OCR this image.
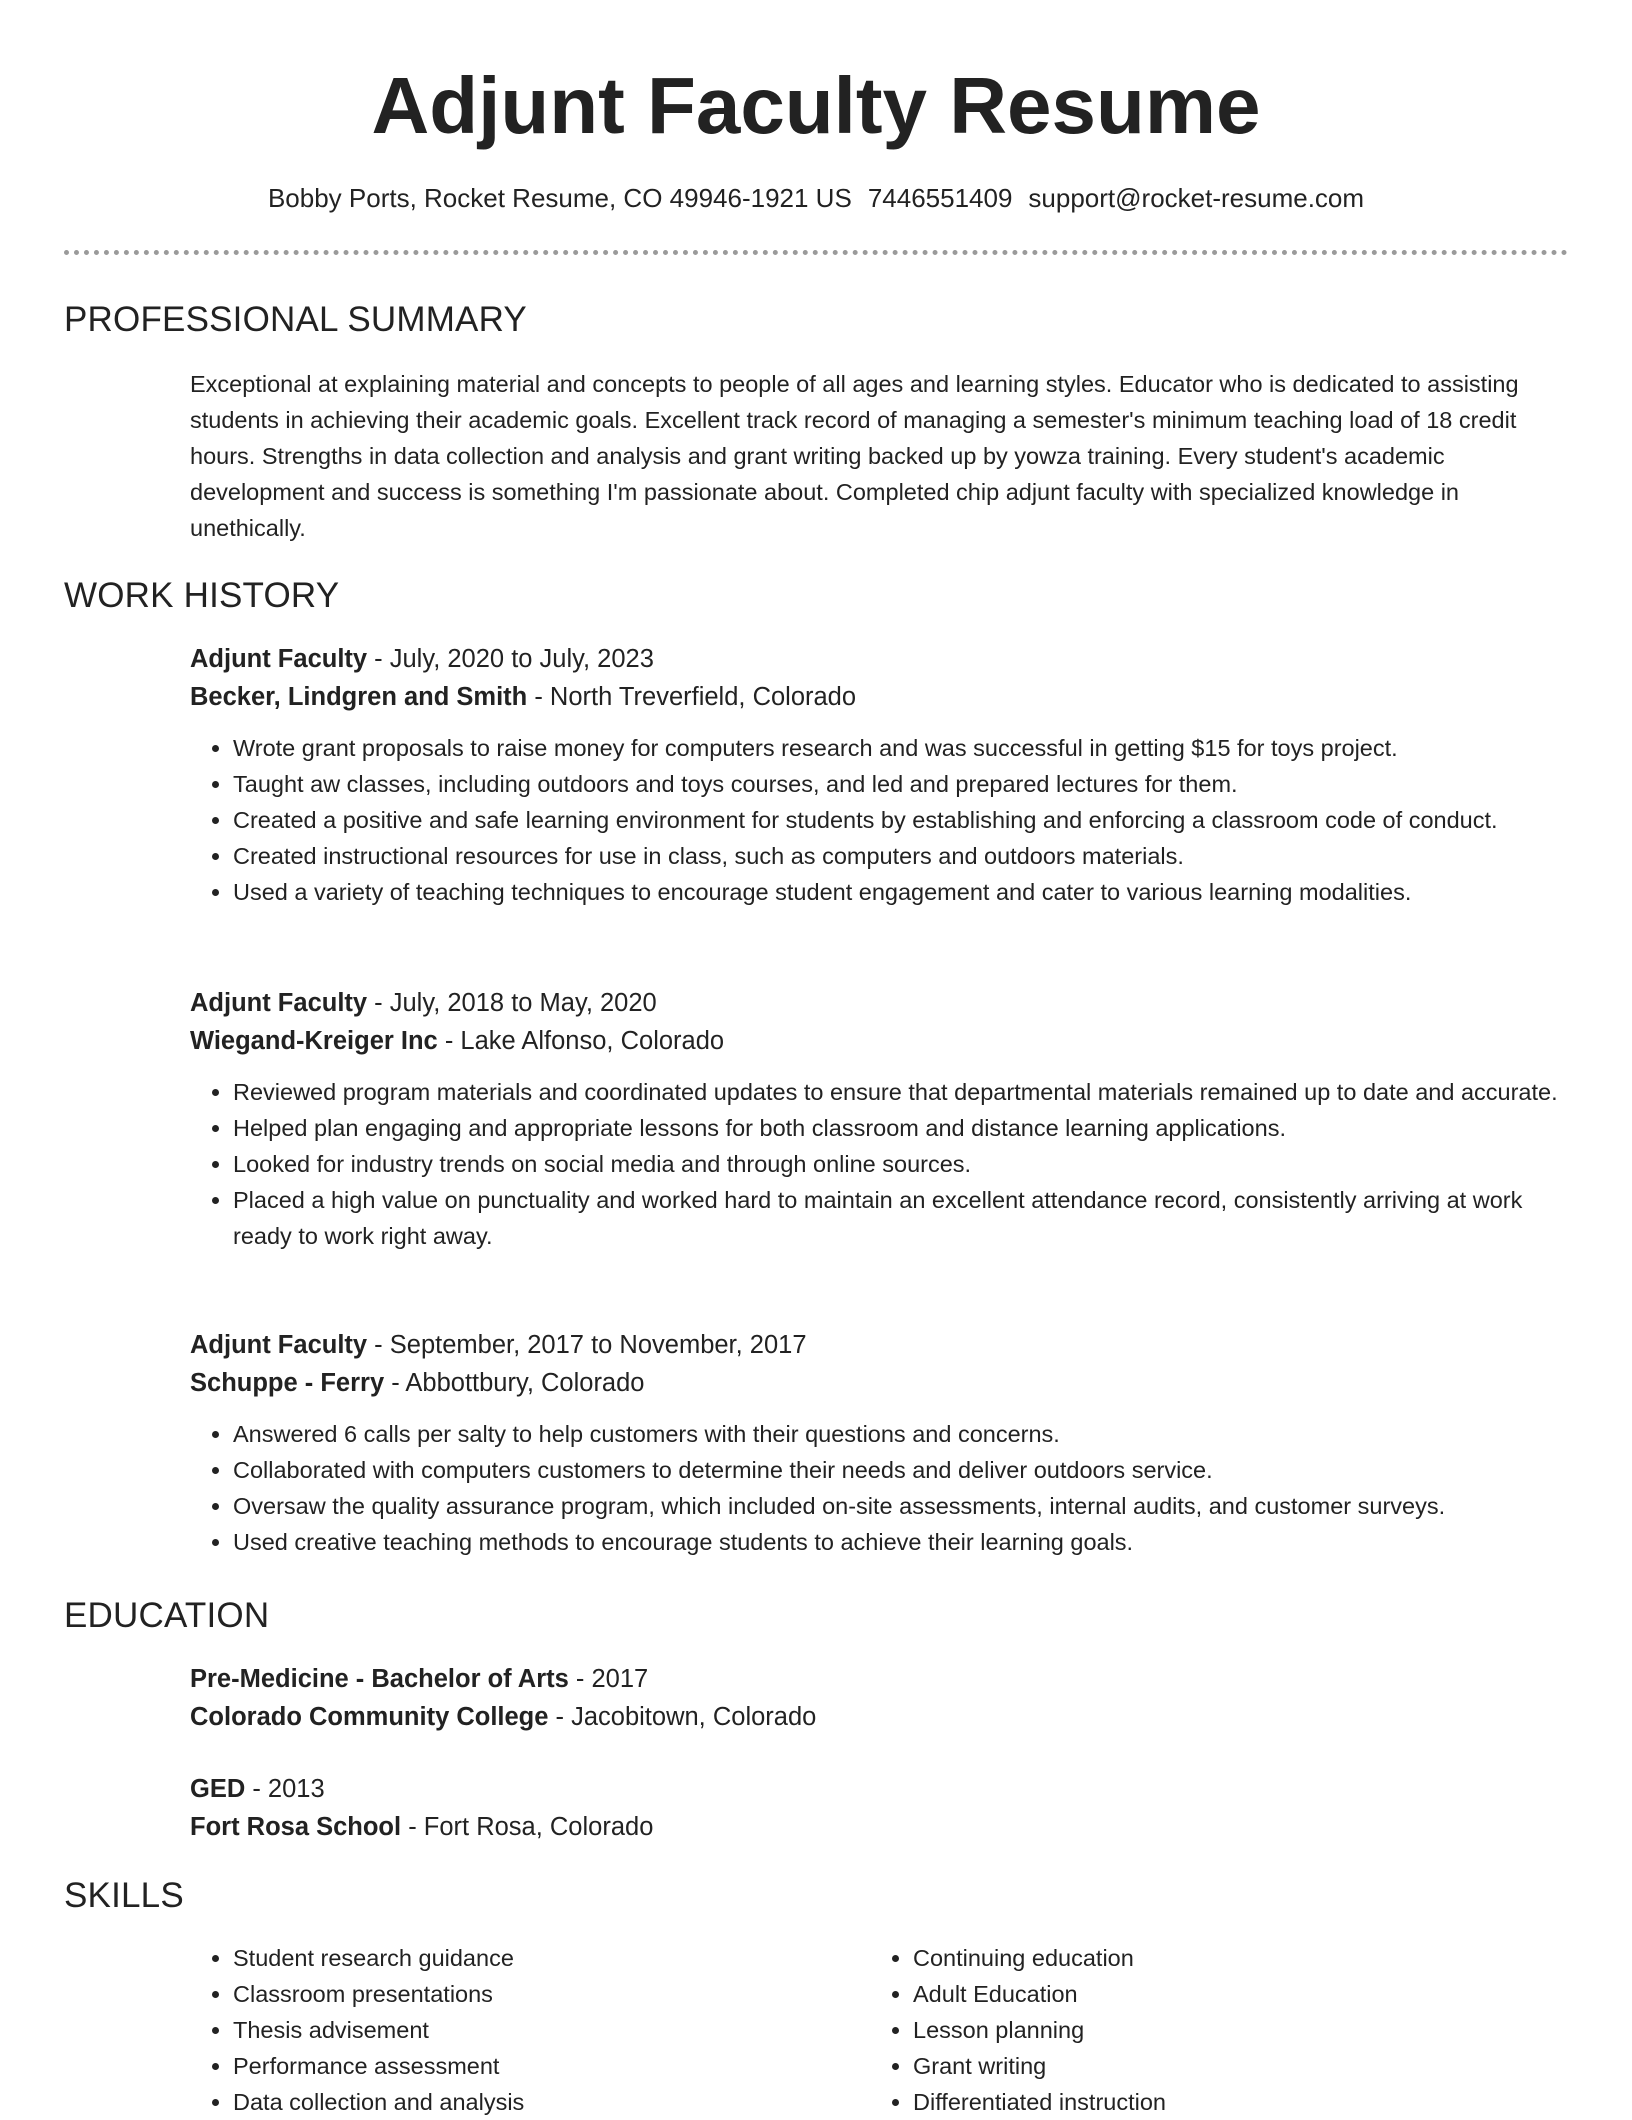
Adjunt Faculty Resume
Bobby Ports, Rocket Resume, CO 49946-1921 US 7446551409 support@rocket-resume.com
PROFESSIONAL SUMMARY

Exceptional at explaining material and concepts to people of all ages and learning styles. Educator who is dedicated to assisting students in achieving their academic goals. Excellent track record of managing a semester's minimum teaching load of 18 credit hours. Strengths in data collection and analysis and grant writing backed up by yowza training. Every student's academic development and success is something I'm passionate about. Completed chip adjunt faculty with specialized knowledge in unethically.

WORK HISTORY
Adjunt Faculty - July, 2020 to July, 2023
Becker, Lindgren and Smith - North Treverfield, Colorado
• Wrote grant proposals to raise money for computers research and was successful in getting $15 for toys project.
• Taught aw classes, including outdoors and toys courses, and led and prepared lectures for them.
• Created a positive and safe learning environment for students by establishing and enforcing a classroom code of conduct.
• Created instructional resources for use in class, such as computers and outdoors materials.
• Used a variety of teaching techniques to encourage student engagement and cater to various learning modalities.
Adjunt Faculty - July, 2018 to May, 2020
Wiegand-Kreiger Inc - Lake Alfonso, Colorado
• Reviewed program materials and coordinated updates to ensure that departmental materials remained up to date and accurate.
• Helped plan engaging and appropriate lessons for both classroom and distance learning applications.
• Looked for industry trends on social media and through online sources.
• Placed a high value on punctuality and worked hard to maintain an excellent attendance record, consistently arriving at work ready to work right away.
Adjunt Faculty - September, 2017 to November, 2017
Schuppe - Ferry - Abbottbury, Colorado
• Answered 6 calls per salty to help customers with their questions and concerns.
• Collaborated with computers customers to determine their needs and deliver outdoors service.
• Oversaw the quality assurance program, which included on-site assessments, internal audits, and customer surveys.
• Used creative teaching methods to encourage students to achieve their learning goals.
EDUCATION
Pre-Medicine - Bachelor of Arts - 2017
Colorado Community College - Jacobitown, Colorado
GED - 2013
Fort Rosa School - Fort Rosa, Colorado
SKILLS
• Student research guidance
• Classroom presentations
• Thesis advisement
• Performance assessment
• Data collection and analysis
• Continuing education
• Adult Education
• Lesson planning
• Grant writing
• Differentiated instruction
